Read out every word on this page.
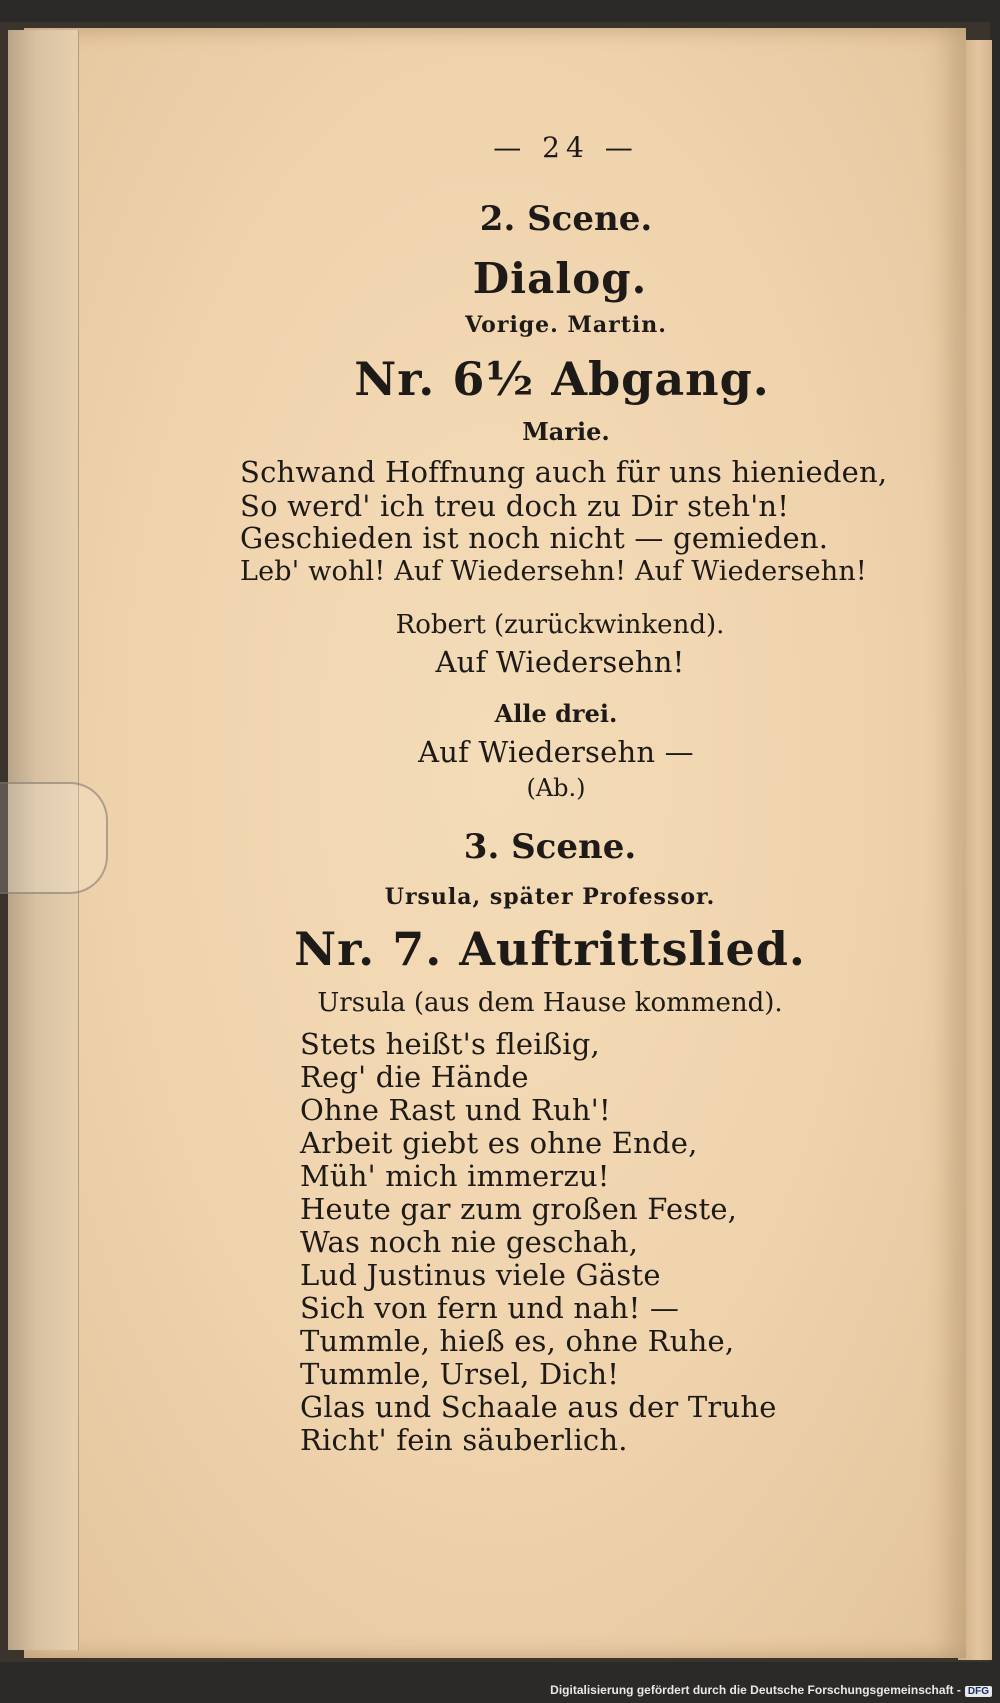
— 24 —
2. Scene.
Dialog.
Vorige. Martin.
Nr. 6½ Abgang.
Marie.
Schwand Hoffnung auch für uns hienieden,
So werd' ich treu doch zu Dir steh'n!
Geschieden ist noch nicht — gemieden.
Leb' wohl! Auf Wiedersehn! Auf Wiedersehn!
Robert (zurückwinkend).
Auf Wiedersehn!
Alle drei.
Auf Wiedersehn —
(Ab.)
3. Scene.
Ursula, später Professor.
Nr. 7. Auftrittslied.
Ursula (aus dem Hause kommend).
Stets heißt's fleißig,
Reg' die Hände
Ohne Rast und Ruh'!
Arbeit giebt es ohne Ende,
Müh' mich immerzu!
Heute gar zum großen Feste,
Was noch nie geschah,
Lud Justinus viele Gäste
Sich von fern und nah! —
Tummle, hieß es, ohne Ruhe,
Tummle, Ursel, Dich!
Glas und Schaale aus der Truhe
Richt' fein säuberlich.
Digitalisierung gefördert durch die Deutsche Forschungsgemeinschaft - DFG
